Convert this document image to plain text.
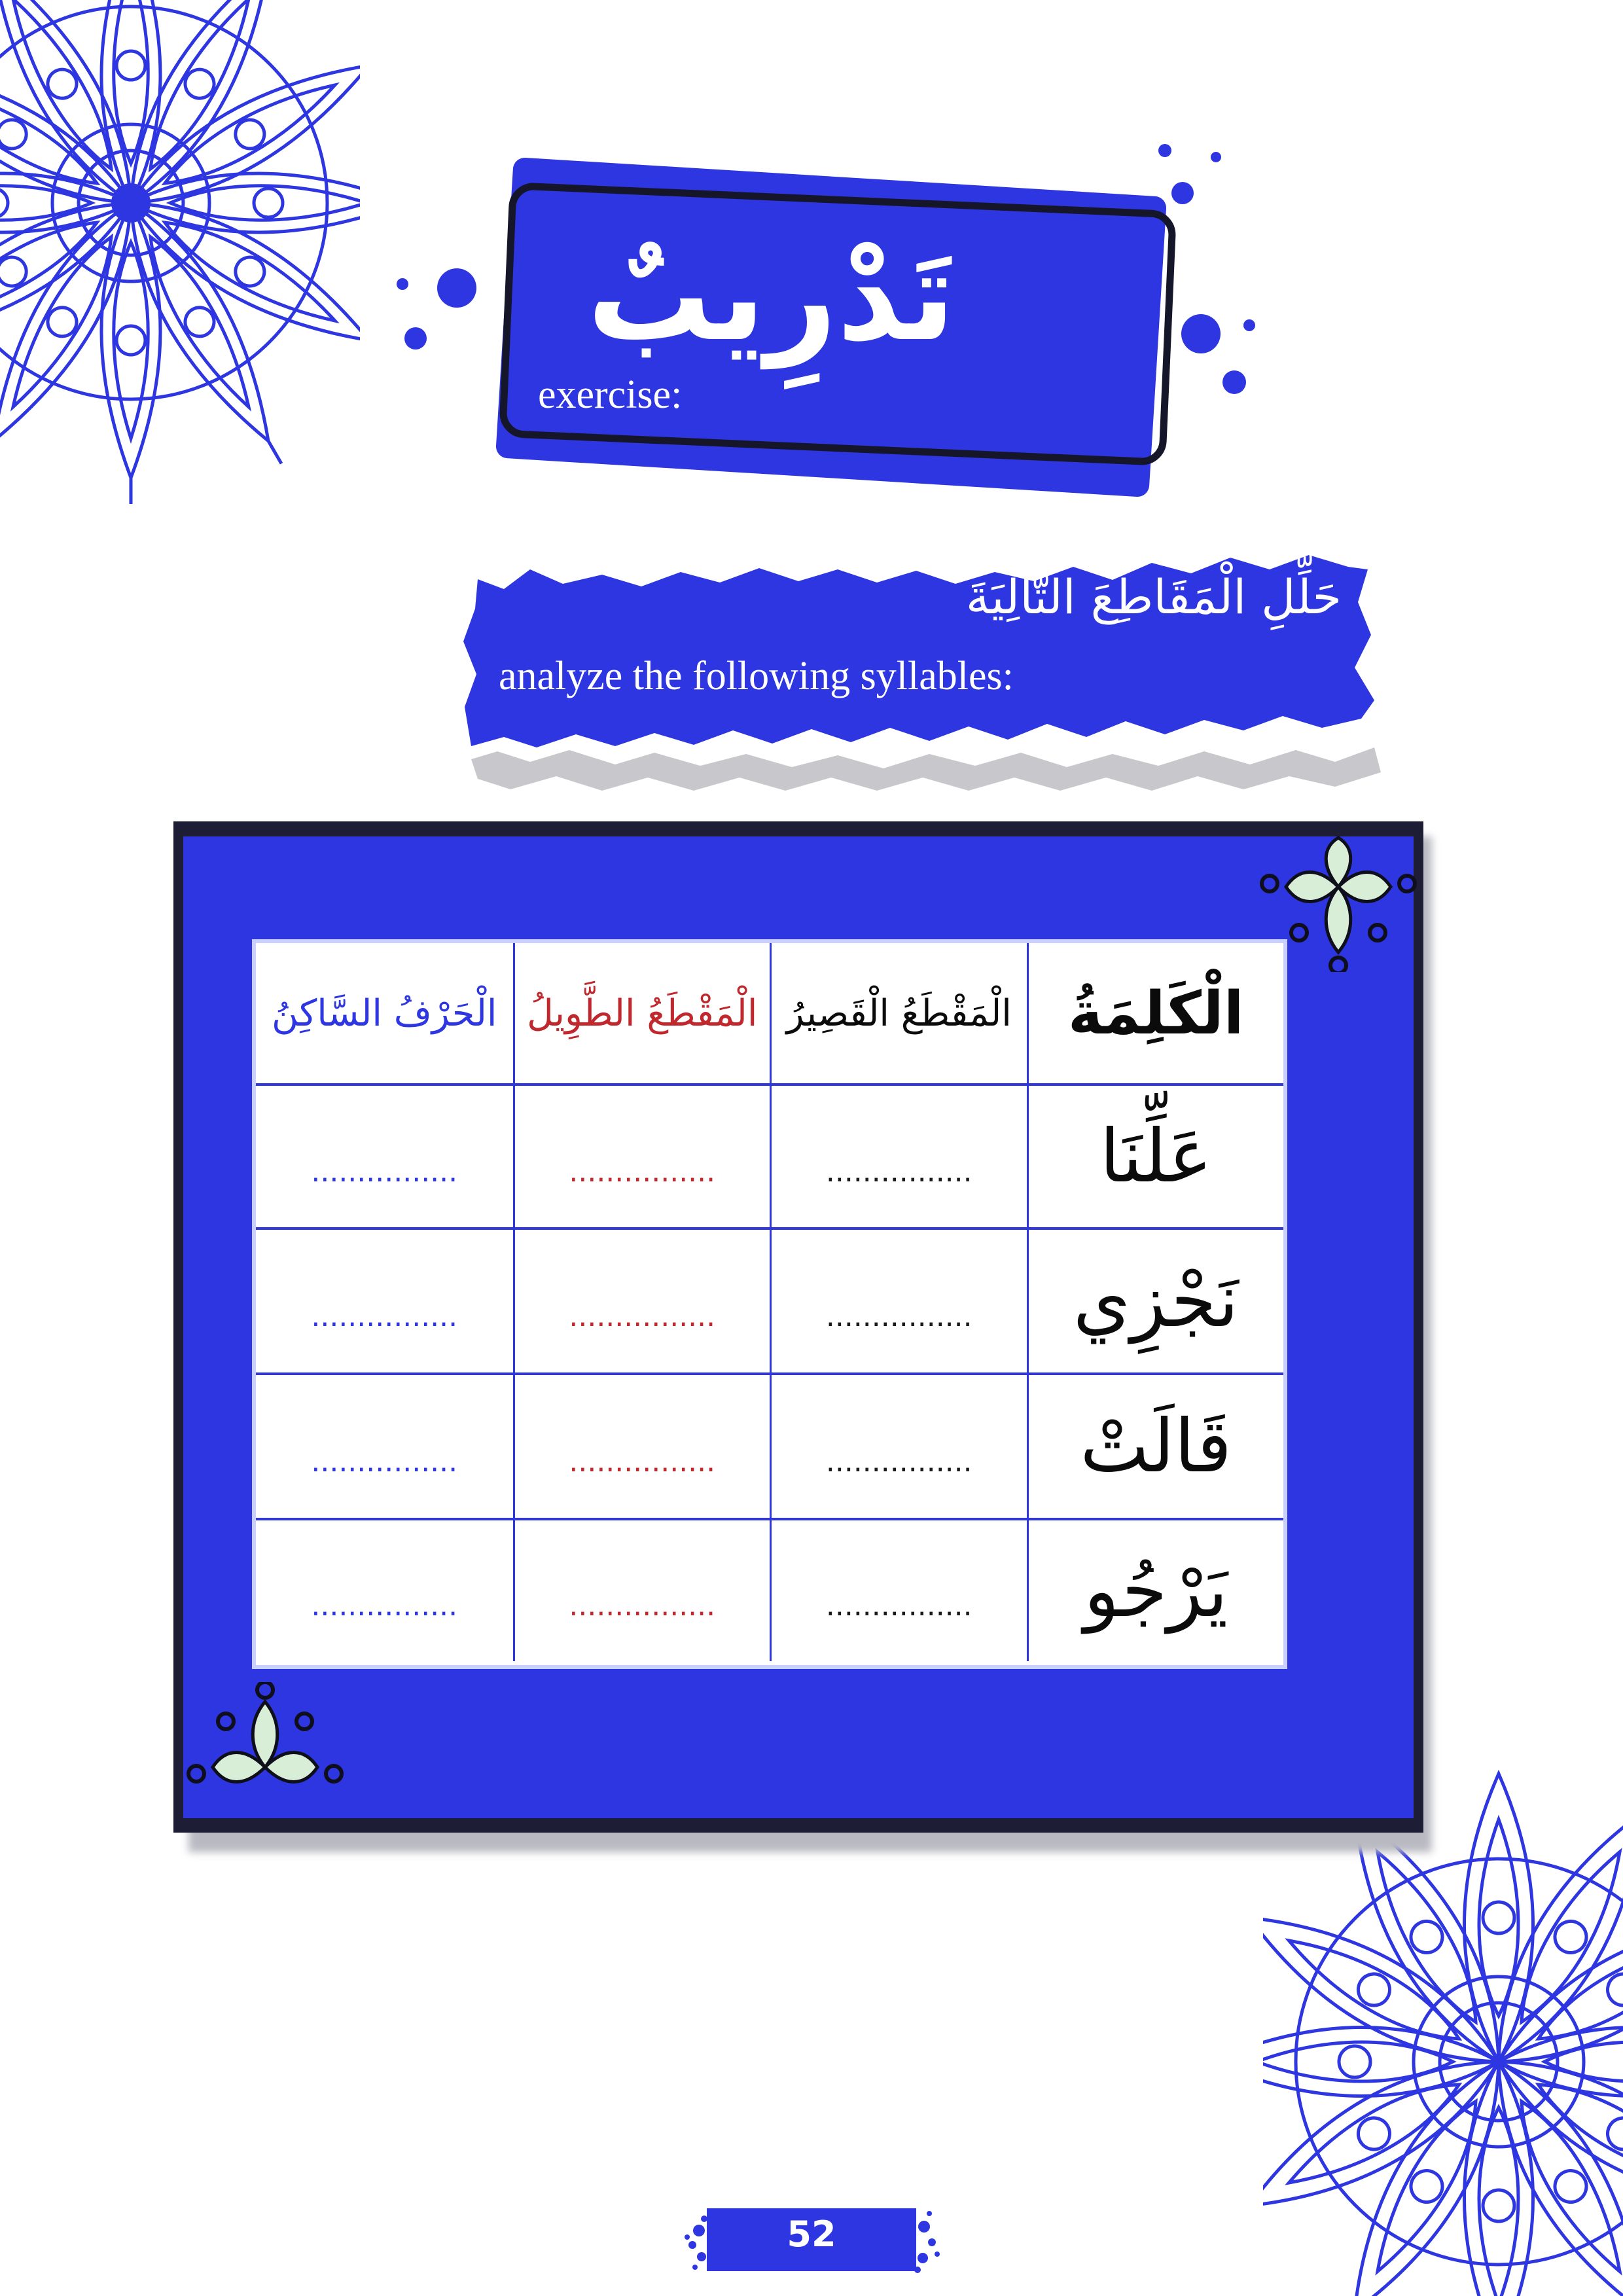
تَدْرِيبٌ
exercise:
حَلِّلِ الْمَقَاطِعَ التَّالِيَةَ
analyze the following syllables:
الْكَلِمَةُ
الْمَقْطَعُ الْقَصِيرُ
الْمَقْطَعُ الطَّوِيلُ
الْحَرْفُ السَّاكِنُ
عَلِّنَا
................
................
................
نَجْزِي
................
................
................
قَالَتْ
................
................
................
يَرْجُو
................
................
................
52
